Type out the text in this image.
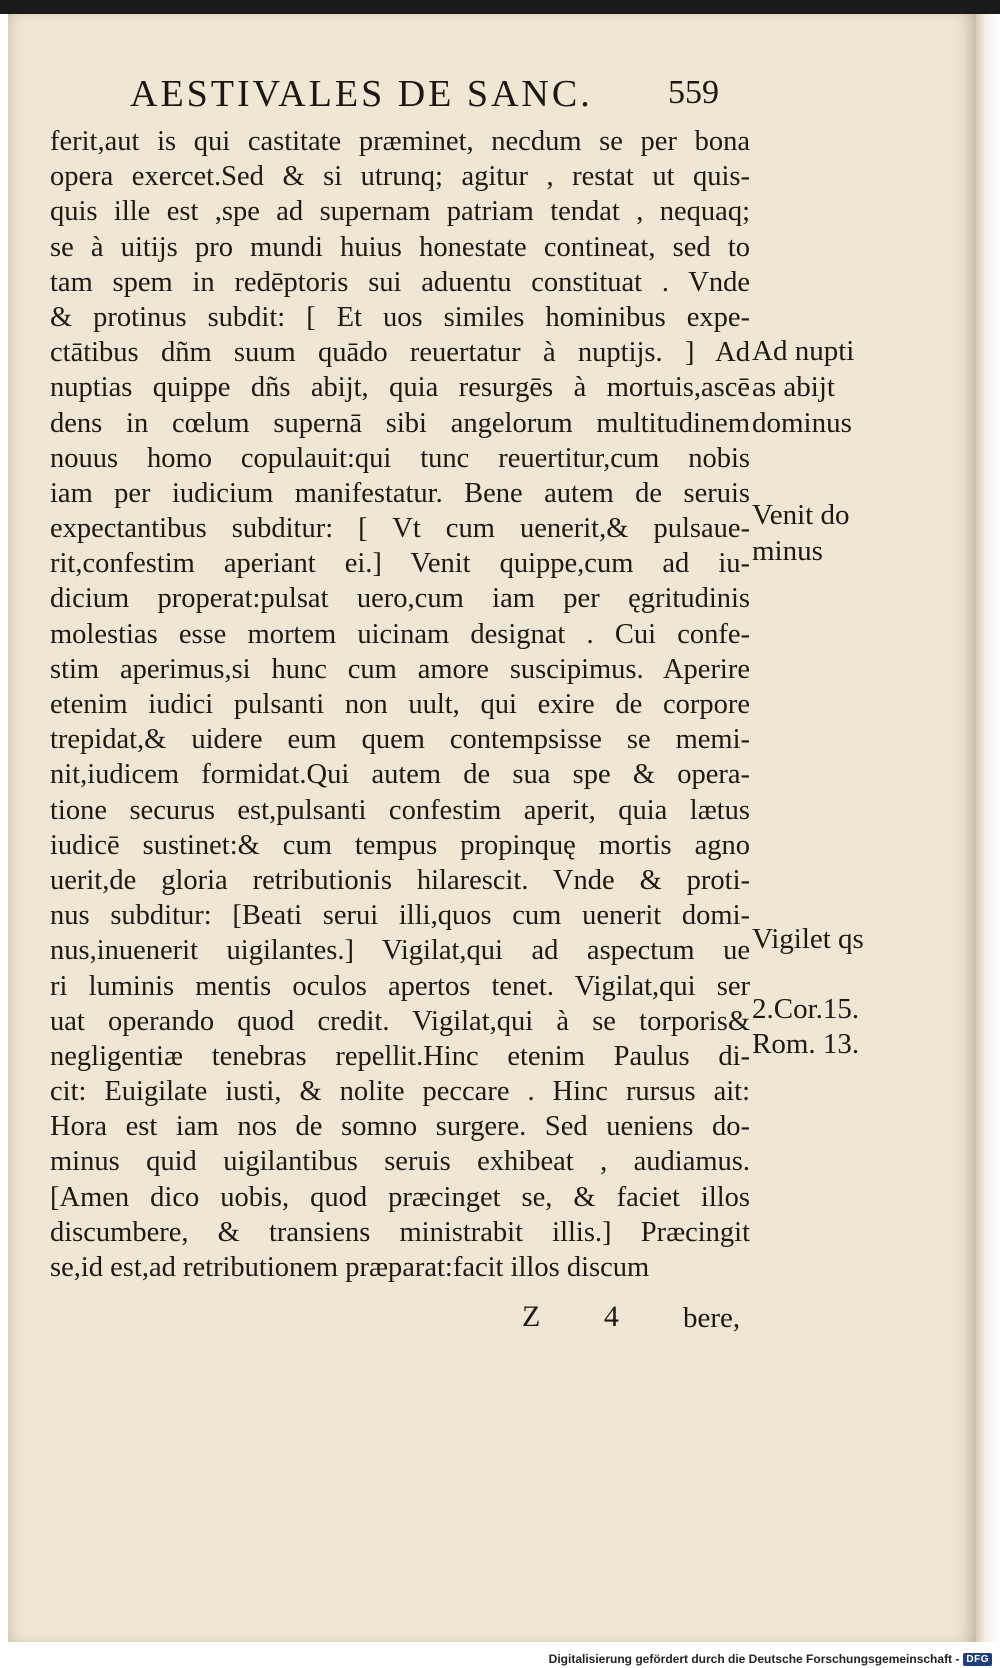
AESTIVALES DE SANC. 559
ferit,aut is qui castitate præminet, necdum se per bona
opera exercet.Sed & si utrunq; agitur , restat ut quis-
quis ille est ,spe ad supernam patriam tendat , nequaq;
se à uitijs pro mundi huius honestate contineat, sed to
tam spem in redēptoris sui aduentu constituat . Vnde
& protinus subdit: [ Et uos similes hominibus expe-
ctātibus dñm suum quādo reuertatur à nuptijs. ] Ad
nuptias quippe dñs abijt, quia resurgēs à mortuis,ascē
dens in cœlum supernā sibi angelorum multitudinem
nouus homo copulauit:qui tunc reuertitur,cum nobis
iam per iudicium manifestatur. Bene autem de seruis
expectantibus subditur: [ Vt cum uenerit,& pulsaue-
rit,confestim aperiant ei.] Venit quippe,cum ad iu-
dicium properat:pulsat uero,cum iam per ęgritudinis
molestias esse mortem uicinam designat . Cui confe-
stim aperimus,si hunc cum amore suscipimus. Aperire
etenim iudici pulsanti non uult, qui exire de corpore
trepidat,& uidere eum quem contempsisse se memi-
nit,iudicem formidat.Qui autem de sua spe & opera-
tione securus est,pulsanti confestim aperit, quia lætus
iudicē sustinet:& cum tempus propinquę mortis agno
uerit,de gloria retributionis hilarescit. Vnde & proti-
nus subditur: [Beati serui illi,quos cum uenerit domi-
nus,inuenerit uigilantes.] Vigilat,qui ad aspectum ue
ri luminis mentis oculos apertos tenet. Vigilat,qui ser
uat operando quod credit. Vigilat,qui à se torporis&
negligentiæ tenebras repellit.Hinc etenim Paulus di-
cit: Euigilate iusti, & nolite peccare . Hinc rursus ait:
Hora est iam nos de somno surgere. Sed ueniens do-
minus quid uigilantibus seruis exhibeat , audiamus.
[Amen dico uobis, quod præcinget se, & faciet illos
discumbere, & transiens ministrabit illis.] Præcingit
se,id est,ad retributionem præparat:facit illos discum
Ad nupti
as abijt
dominus
Venit do
minus
Vigilet qs
2.Cor.15.
Rom. 13.
Z 4 bere,
Digitalisierung gefördert durch die Deutsche Forschungsgemeinschaft - DFG
